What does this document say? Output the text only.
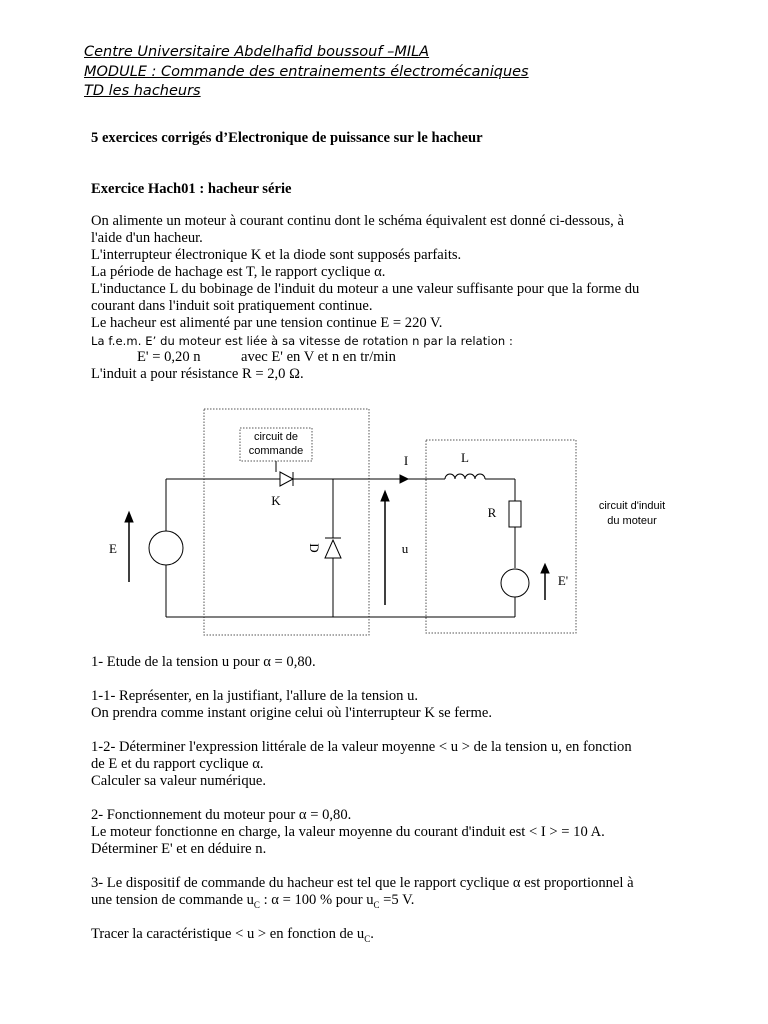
Centre Universitaire Abdelhafid boussouf –MILA
MODULE : Commande des entrainements électromécaniques
TD les hacheurs
5 exercices corrigés d’Electronique de puissance sur le hacheur
Exercice Hach01 : hacheur série
On alimente un moteur à courant continu dont le schéma équivalent est donné ci-dessous, à
l'aide d'un hacheur.
L'interrupteur électronique K et la diode sont supposés parfaits.
La période de hachage est T, le rapport cyclique α.
L'inductance L du bobinage de l'induit du moteur a une valeur suffisante pour que la forme du
courant dans l'induit soit pratiquement continue.
Le hacheur est alimenté par une tension continue E = 220 V.
La f.e.m. E’ du moteur est liée à sa vitesse de rotation n par la relation :
E' = 0,20 n	avec E' en V et n en tr/min
L'induit a pour résistance R = 2,0 Ω.
circuit de
commande
K
I	L
R
D
E	u
E'
circuit d'induit
du moteur
1- Etude de la tension u pour α = 0,80.
1-1- Représenter, en la justifiant, l'allure de la tension u.
On prendra comme instant origine celui où l'interrupteur K se ferme.
1-2- Déterminer l'expression littérale de la valeur moyenne < u > de la tension u, en fonction
de E et du rapport cyclique α.
Calculer sa valeur numérique.
2- Fonctionnement du moteur pour α = 0,80.
Le moteur fonctionne en charge, la valeur moyenne du courant d'induit est < I > = 10 A.
Déterminer E' et en déduire n.
3- Le dispositif de commande du hacheur est tel que le rapport cyclique α est proportionnel à
une tension de commande $u_C$ : α = 100 % pour $u_C =5$ V.
Tracer la caractéristique < u > en fonction de $u_C$.
